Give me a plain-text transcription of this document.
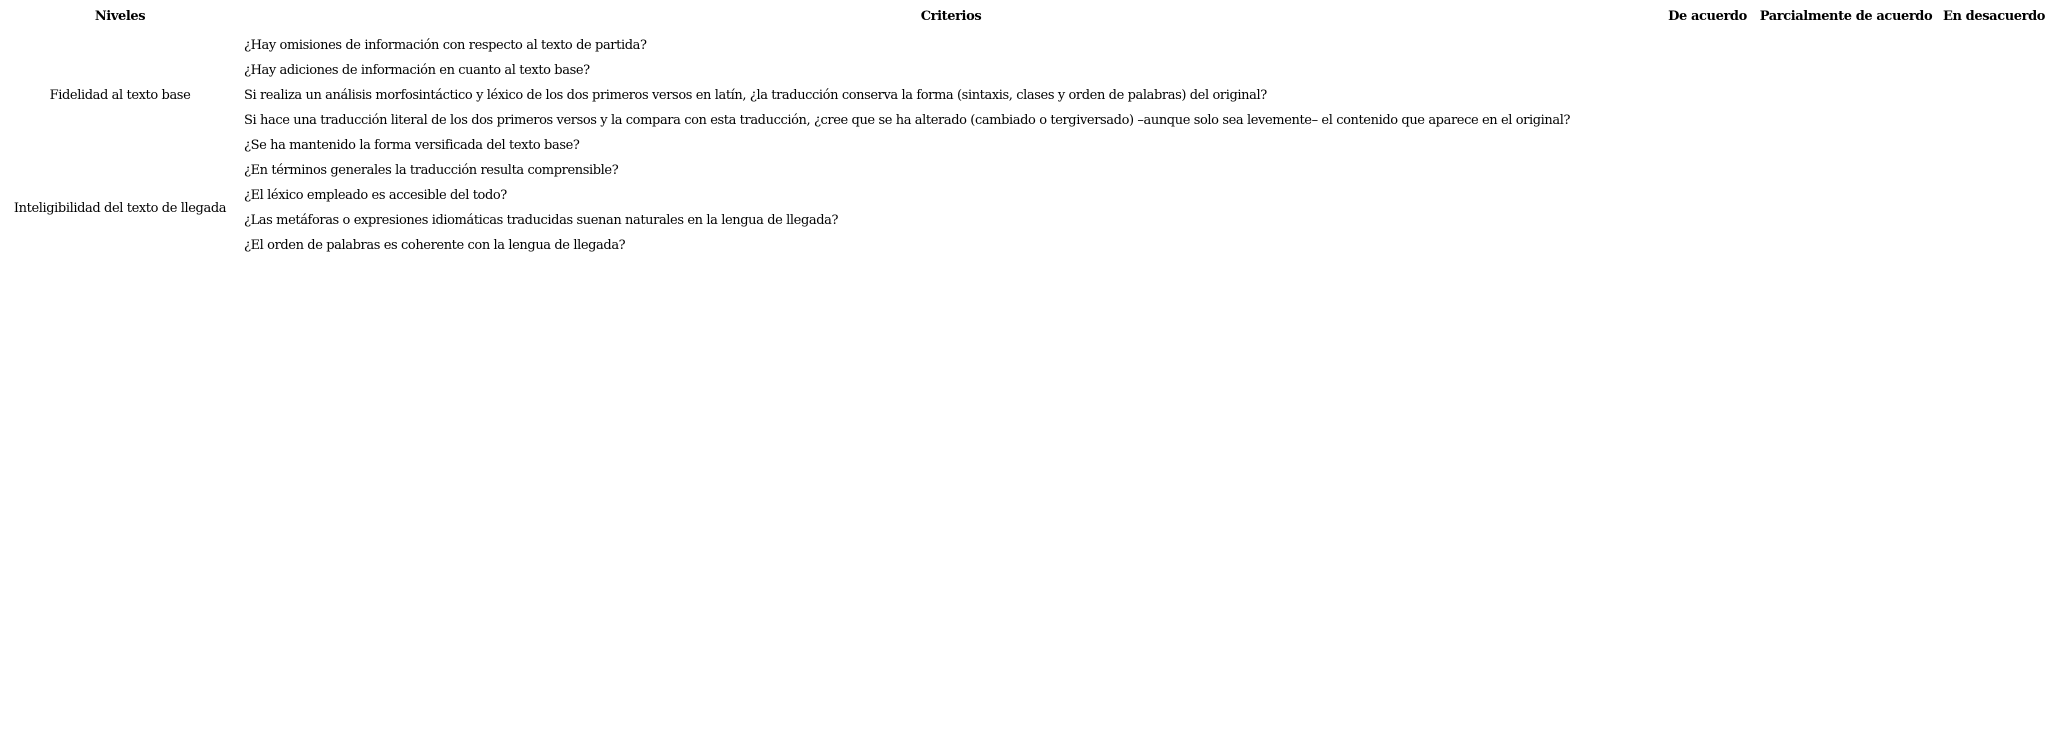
Niveles	Criterios	De acuerdo	Parcialmente de acuerdo	En desacuerdo
Fidelidad al texto base	¿Hay omisiones de información con respecto al texto de partida?			
	¿Hay adiciones de información en cuanto al texto base?			
	Si realiza un análisis morfosintáctico y léxico de los dos primeros versos en latín, ¿la traducción conserva la forma (sintaxis, clases y orden de palabras) del original?			
	Si hace una traducción literal de los dos primeros versos y la compara con esta traducción, ¿cree que se ha alterado (cambiado o tergiversado) –aunque solo sea levemente– el contenido que aparece en el original?			
	¿Se ha mantenido la forma versificada del texto base?			
Inteligibilidad del texto de llegada	¿En términos generales la traducción resulta comprensible?			
	¿El léxico empleado es accesible del todo?			
	¿Las metáforas o expresiones idiomáticas traducidas suenan naturales en la lengua de llegada?			
	¿El orden de palabras es coherente con la lengua de llegada?			
